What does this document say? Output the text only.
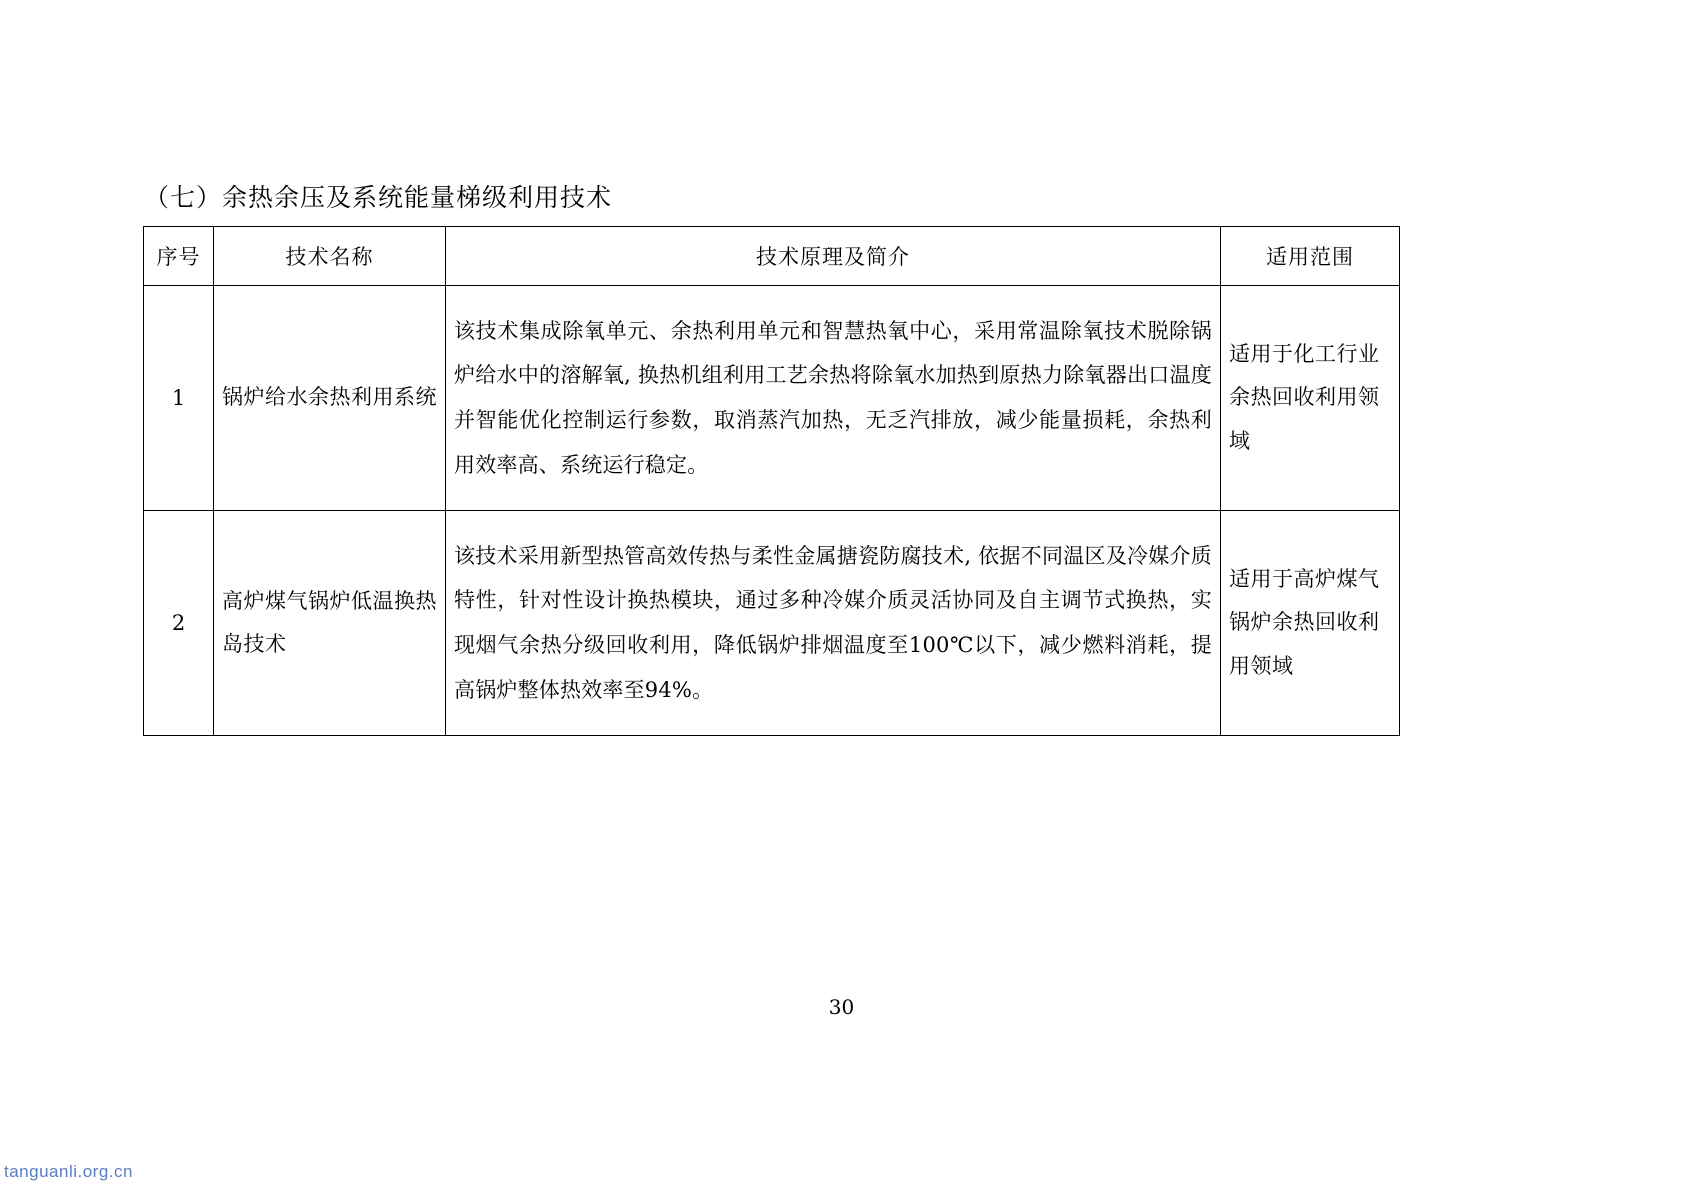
（七）余热余压及系统能量梯级利用技术
序号	技术名称	技术原理及简介	适用范围
1	锅炉给水余热利用系统	该技术集成除氧单元、余热利用单元和智慧热氧中心，采用常温除氧技术脱除锅炉给水中的溶解氧, 换热机组利用工艺余热将除氧水加热到原热力除氧器出口温度并智能优化控制运行参数，取消蒸汽加热，无乏汽排放，减少能量损耗，余热利用效率高、系统运行稳定。	适用于化工行业余热回收利用领域
2	高炉煤气锅炉低温换热岛技术	该技术采用新型热管高效传热与柔性金属搪瓷防腐技术, 依据不同温区及冷媒介质特性，针对性设计换热模块，通过多种冷媒介质灵活协同及自主调节式换热，实现烟气余热分级回收利用，降低锅炉排烟温度至100℃以下，减少燃料消耗，提高锅炉整体热效率至94%。	适用于高炉煤气锅炉余热回收利用领域
30
tanguanli.org.cn
